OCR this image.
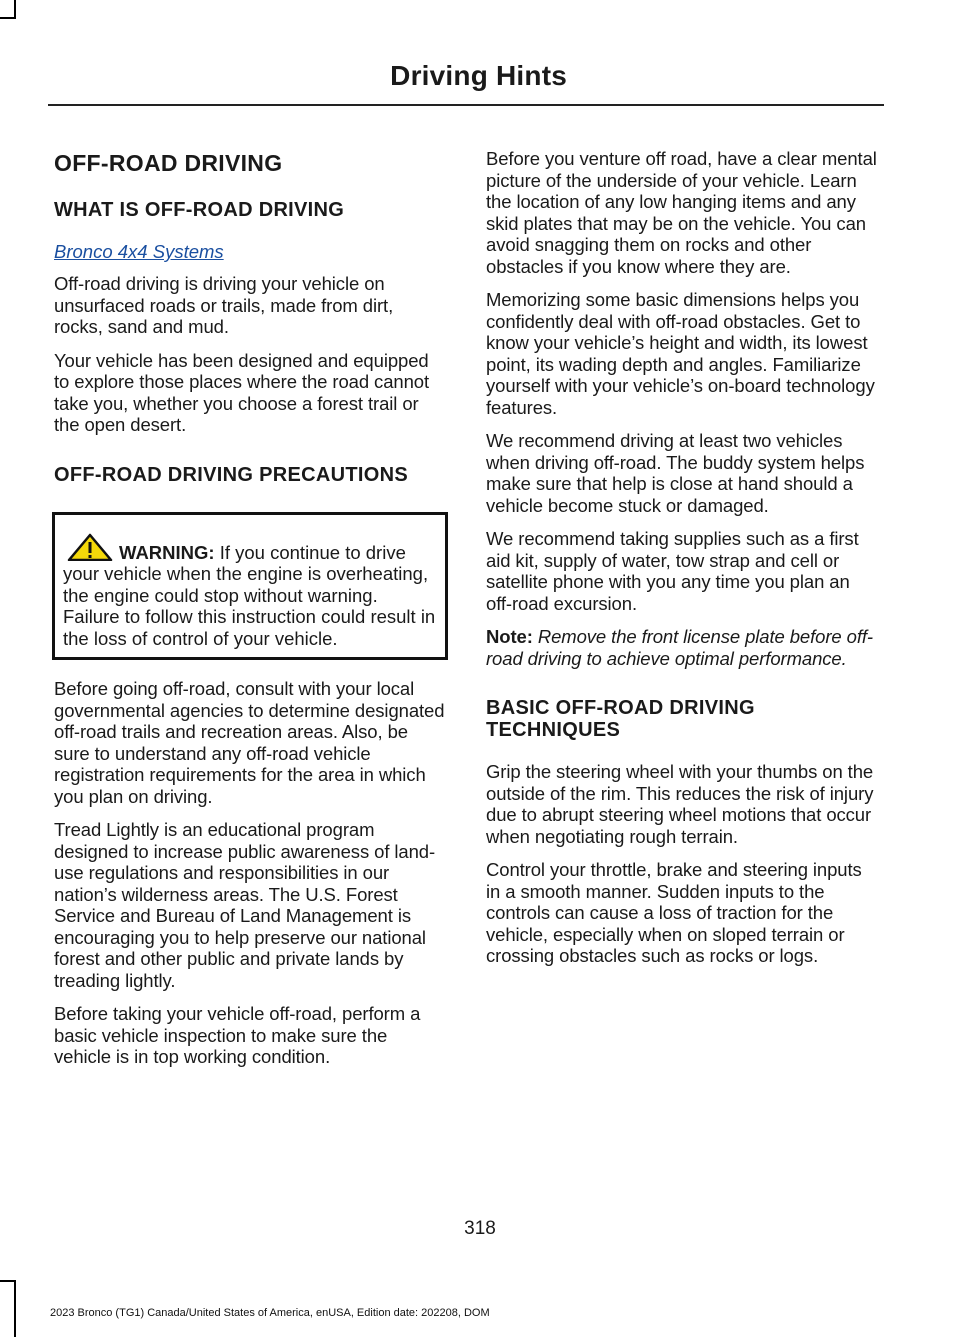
Driving Hints
OFF-ROAD DRIVING
WHAT IS OFF-ROAD DRIVING
Bronco 4x4 Systems

Off-road driving is driving your vehicle on unsurfaced roads or trails, made from dirt, rocks, sand and mud.

Your vehicle has been designed and equipped to explore those places where the road cannot take you, whether you choose a forest trail or the open desert.

OFF-ROAD DRIVING PRECAUTIONS
WARNING: If you continue to drive your vehicle when the engine is overheating, the engine could stop without warning. Failure to follow this instruction could result in the loss of control of your vehicle.

Before going off-road, consult with your local governmental agencies to determine designated off-road trails and recreation areas. Also, be sure to understand any off-road vehicle registration requirements for the area in which you plan on driving.

Tread Lightly is an educational program designed to increase public awareness of land-use regulations and responsibilities in our nation’s wilderness areas. The U.S. Forest Service and Bureau of Land Management is encouraging you to help preserve our national forest and other public and private lands by treading lightly.

Before taking your vehicle off-road, perform a basic vehicle inspection to make sure the vehicle is in top working condition.

Before you venture off road, have a clear mental picture of the underside of your vehicle. Learn the location of any low hanging items and any skid plates that may be on the vehicle. You can avoid snagging them on rocks and other obstacles if you know where they are.

Memorizing some basic dimensions helps you confidently deal with off-road obstacles. Get to know your vehicle’s height and width, its lowest point, its wading depth and angles. Familiarize yourself with your vehicle’s on-board technology features.

We recommend driving at least two vehicles when driving off-road. The buddy system helps make sure that help is close at hand should a vehicle become stuck or damaged.

We recommend taking supplies such as a first aid kit, supply of water, tow strap and cell or satellite phone with you any time you plan an off-road excursion.

Note: Remove the front license plate before off-road driving to achieve optimal performance.

BASIC OFF-ROAD DRIVING TECHNIQUES

Grip the steering wheel with your thumbs on the outside of the rim. This reduces the risk of injury due to abrupt steering wheel motions that occur when negotiating rough terrain.

Control your throttle, brake and steering inputs in a smooth manner. Sudden inputs to the controls can cause a loss of traction for the vehicle, especially when on sloped terrain or crossing obstacles such as rocks or logs.

318
2023 Bronco (TG1) Canada/United States of America, enUSA, Edition date: 202208, DOM
